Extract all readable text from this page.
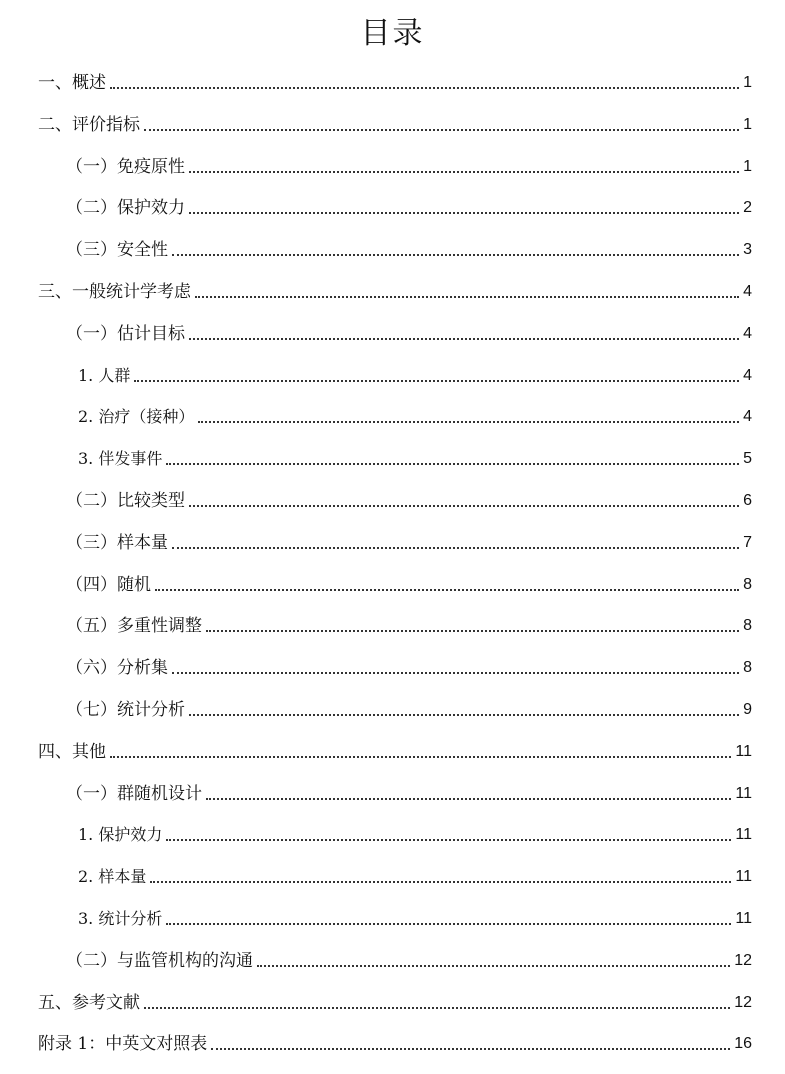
目录
一、概述	1
二、评价指标	1
（一）免疫原性	1
（二）保护效力	2
（三）安全性	3
三、一般统计学考虑	4
（一）估计目标	4
1. 人群	4
2. 治疗（接种）	4
3. 伴发事件	5
（二）比较类型	6
（三）样本量	7
（四）随机	8
（五）多重性调整	8
（六）分析集	8
（七）统计分析	9
四、其他	11
（一）群随机设计	11
1. 保护效力	11
2. 样本量	11
3. 统计分析	11
（二）与监管机构的沟通	12
五、参考文献	12
附录 1：中英文对照表	16
